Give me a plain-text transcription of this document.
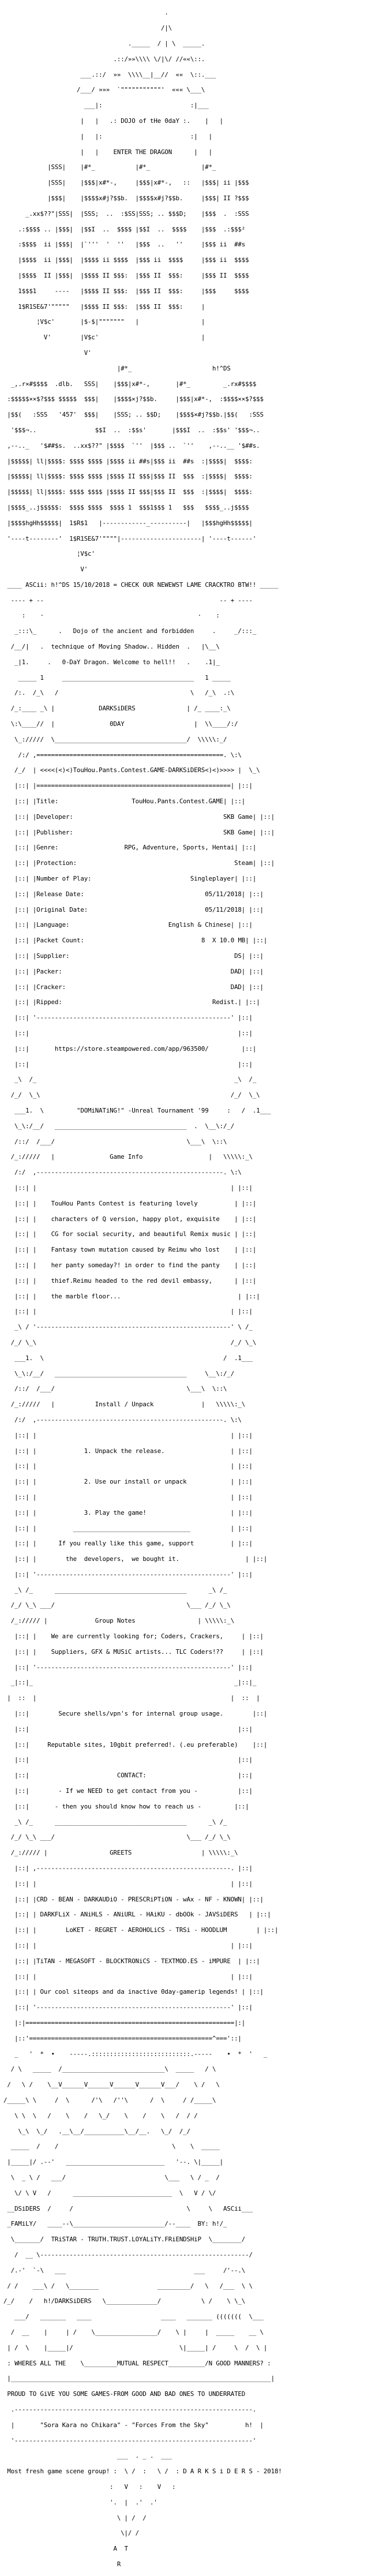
.

/|\

._____  / | \  _____.

.::/»»\\\\ \/|\/ //««\::.

___.::/  »»  \\\\__|__//  ««  \::.___

/___/ »»»  `"""""""""""'  ««« \___\

___|:                        :|___

|   |   .: DOJO of tHe 0daY :.    |   |

|   |:                        :|   |

|   |    ENTER THE DRAGON      |   |

|SSS|    |#*_           |#*_              |#*_

|SSS|    |$$$|x#*-,     |$$$|x#*-,   ::   |$$$| ii |$$$

|$$$|    |$$$$x#j?$$b.  |$$$$x#j?$$b.     |$$$| II ?$$$

_.xx$??"|SSS|  |SSS;  ..  :$SS|SSS; .. $$$D;    |$$$  .  :SSS

.:$$$$ .. |$$$|  |$$I  ..  $$$$ |$$I  ..  $$$$    |$$$  .:$$$²

:$$$$  ii |$$$|  |`'''  '  ''   |$$$  ..   ''     |$$$ ii  ##s

|$$$$  ii |$$$|  |$$$$ ii $$$$  |$$$ ii  $$$$     |$$$ ii  $$$$

|$$$$  II |$$$|  |$$$$ II $$$:  |$$$ II  $$$:     |$$$ II  $$$$

1$$$1     ----   |$$$$ II $$$:  |$$$ II  $$$:     |$$$     $$$$

1$R1SE&7'"""""   |$$$$ II $$$:  |$$$ II  $$$:     |

¦V$c'       |$-$|"""""""   |                 |

V'        |V$c'                            |

V'

|#*_                      h!^DS

_,.r×#$$$$  .dlb.   SSS|    |$$$|x#*-,       |#*_         _.rx#$$$$

:$$$$$××$?$$$ $$$$$  $$$|    |$$$$×j?$$b.     |$$$|x#*-,  :$$$$××$?$$$

|$$(   :SSS   '457'  $$$|    |SSS; .. $$D;    |$$$$×#j?$$b.|$$(   :SSS

'$$$¬..                $$I  ..  :$$s'       |$$$I  ..  :$$s' '$$$¬..

,--.._   '$##$s.  ..xx$??" |$$$$  `''  |$$$ ..  `''    ,--..__ '$##s.

|$$$$$| ll|$$$$: $$$$ $$$$ |$$$$ ii ##s|$$$ ii  ##s  :|$$$$|  $$$$:

|$$$$$| ll|$$$$: $$$$ $$$$ |$$$$ II $$$|$$$ II  $$$  :|$$$$|  $$$$:

|$$$$$| ll|$$$$: $$$$ $$$$ |$$$$ II $$$|$$$ II  $$$  :|$$$$|  $$$$:

|$$$$_..j$$$$$:  $$$$ $$$$  $$$$ 1  $$$1$$$ 1   $$$   $$$$_..j$$$$

|$$$$hgHh$$$$$|  1$R$1   |------------_----------|   |$$$hgHh$$$$$|

'----t--------'  1$R1SE&7'""""|----------------------| '----t------'

¦V$c'

V'

____ ASCii: h!^DS 15/10/2018 = CHECK OUR NEWEWST LAME CRACKTRO BTW!! _____

---- + --                                                -- + ----

:    ·                                          ·    :

_:::\_      .   Dojo of the ancient and forbidden     .     _/:::_

/__/|   .  technique of Moving Shadow.. Hidden  .   |\__\

_|1.     .   0-DaY Dragon. Welcome to hell!!   .    .1|_

_____ 1     ____________________________________   1 _____

/:.  /_\   /                                    \   /_\  .:\

/_:____ _\ |            DARKSiDERS              | /_ ____:_\

\:\____//  |               0DAY                   |  \\____/:/

\_://///  \____________________________________/  \\\\\:_/

/:/ ,===================================================. \:\

/_/  | <<<<(<)<)TouHou.Pants.Contest.GAME-DARKSiDERS<)<)>>>> |  \_\

|::| |=====================================================| |::|

|::| |Title:	TouHou.Pants.Contest.GAME| |::|

|::| |Developer:	SKB Game| |::|

|::| |Publisher:	SKB Game| |::|

|::| |Genre:	RPG, Adventure, Sports, Hentai| |::|

|::| |Protection:	Steam| |::|

|::| |Number of Play:	Singleplayer| |::|

|::| |Release Date:	05/11/2018| |::|

|::| |Original Date:	05/11/2018| |::|

|::| |Language:	English & Chinese| |::|

|::| |Packet Count:	8  X 10.0 MB| |::|

|::| |Supplier:	DS| |::|

|::| |Packer:	DAD| |::|

|::| |Cracker:	DAD| |::|

|::| |Ripped:	Redist.| |::|

|::| '-----------------------------------------------------' |::|

|::|                                                         |::|

|::|       https://store.steampowered.com/app/963500/         |::|

|::|                                                         |::|

_\  /_                                                      _\  /_

/_/  \_\                                                    /_/  \_\

___1.  \         "DOMiNATiNG!" -Unreal Tournament '99     :   /  .1___

\_\:/__/   ____________________________________  .  \__\:/_/

/::/  /___/                                    \___\  \::\

/_://///   |               Game Info                  |   \\\\\:_\

/:/  ,---------------------------------------------------. \:\

|::| |                                                     | |::|

|::| |    TouHou Pants Contest is featuring lovely          | |::|

|::| |    characters of Q version, happy plot, exquisite    | |::|

|::| |    CG for social security, and beautiful Remix music | |::|

|::| |    Fantasy town mutation caused by Reimu who lost    | |::|

|::| |    her panty someday?! in order to find the panty    | |::|

|::| |    thief.Reimu headed to the red devil embassy,      | |::|

|::| |    the marble floor...                                | |::|

|::| |                                                     | |::|

_\ / '-----------------------------------------------------' \ /_

/_/ \_\                                                     /_/ \_\

___1.  \                                                 /  .1___

\_\:/__/   ____________________________________     \__\:/_/

/::/  /___/                                    \___\  \::\

/_://///   |           Install / Unpack             |   \\\\\:_\

/:/  ,---------------------------------------------------. \:\

|::| |                                                     | |::|

|::| |             1. Unpack the release.                  | |::|

|::| |                                                     | |::|

|::| |             2. Use our install or unpack            | |::|

|::| |                                                     | |::|

|::| |             3. Play the game!                       | |::|

|::| |          ________________________________           | |::|

|::| |      If you really like this game, support          | |::|

|::| |        the  developers,  we bought it.                  | |::|

|::| '-----------------------------------------------------' |::|

_\ /_      ____________________________________      _\ /_

/_/ \_\ ___/                                    \___ /_/ \_\

/_:///// |             Group Notes                 | \\\\\:_\

|::| |    We are currently looking for; Coders, Crackers,     | |::|

|::| |    Suppliers, GFX & MUSiC artists... TLC Coders!??     | |::|

|::| '-----------------------------------------------------' |::|

_|::|_                                                       _|::|_

|  ::  |                                                     |  ::  |

|::|        Secure shells/vpn's for internal group usage.        |::|

|::|                                                         |::|

|::|     Reputable sites, 10gbit preferred!. (.eu preferable)    |::|

|::|                                                         |::|

|::|                        CONTACT:                         |::|

|::|        - If we NEED to get contact from you -           |::|

|::|       - then you should know how to reach us -         |::|

_\ /_      ____________________________________      _\ /_

/_/ \_\ ___/                                    \___ /_/ \_\

/_:///// |                 GREETS                   | \\\\\:_\

|::| ,-----------------------------------------------------. |::|

|::| |                                                     | |::|

|::| |CRD - BEAN - DARKAUDiO - PRESCRiPTiON - wAx - NF - KNOWN| |::|

|::| | DARKFLiX - ANiHLS - ANiURL - HAiKU - dbOOk - JAVSiDERS   | |::|

|::| |        LoKET - REGRET - AEROHOLiCS - TRSi - HOODLUM        | |::|

|::| |                                                     | |::|

|::| |TiTAN - MEGASOFT - BLOCKTRONiCS - TEXTMOD.ES - iMPURE  | |::|

|::| |                                                     | |::|

|::| | Our cool siteops and da inactive 0day-gamerip legends! | |::|

|::| '-----------------------------------------------------' |::|

|:|=========================================================|:|

|::'==================================================^==='::|

_   '  *  •    -----.:::::::::::::::::::::::::::.-----    •  *  '   _

/ \   _____  /____________________________\  _____   / \

/   \ /    \__V______V______V______V______V___/    \ /   \

/_____\ \     /  \      /'\   /''\      /  \     / /_____\

\ \  \   /    \    /   \_/    \    /    \   /  / /

\_\  \_/   .__\__/___________\__/__.   \_/  /_/

_____  /    /                               \    \  _____

|_____|/ .--'   ___________________________   '--. \|_____|

\  _ \ /   ___/                           \___   \ / _  /

\/ \ V   /      ___________________________  \   V / \/

__DSiDERS  /     /                               \     \   ASCii___

_FAMiLY/   ____--\_________________________/--____  BY: h!/_

\_______/  TRiSTAR - TRUTH.TRUST.LOYALiTY.FRiENDSHiP  \________/

/  __ \---------------------------------------------------------/

/.-'  `-\   ___                                   ___     /'--.\

/ /    ___\ /   \________                _________/   \   /___  \ \

/_/    /   h!/DARKSiDERS   \______________/           \ /    \ \_\

___/   _______   ____                   ____   _______ (((((((  \___

/  __    |     | /    \_________________/    \ |     |  _____    __ \

| /  \    |_____|/                             \|_____| /     \  /  \ |

: WHERES ALL THE    \_________MUTUAL RESPECT__________/N GOOD MANNERS? :

|_______________________________________________________________________|

PROUD TO GiVE YOU SOME GAMES-FROM GOOD AND BAD ONES TO UNDERRATED

.-----------------------------------------------------------------.

|       "Sora Kara no Chikara" - "Forces From the Sky"	h!  |

'-----------------------------------------------------------------'

___  . _ .  ___

Most fresh game scene group! :  \ /  :   \ /  : D A R K S i D E R S - 2018!

:   V   :    V   :

'.  |  .'  .'

\ | /  /

\|/ /

A  T

R
